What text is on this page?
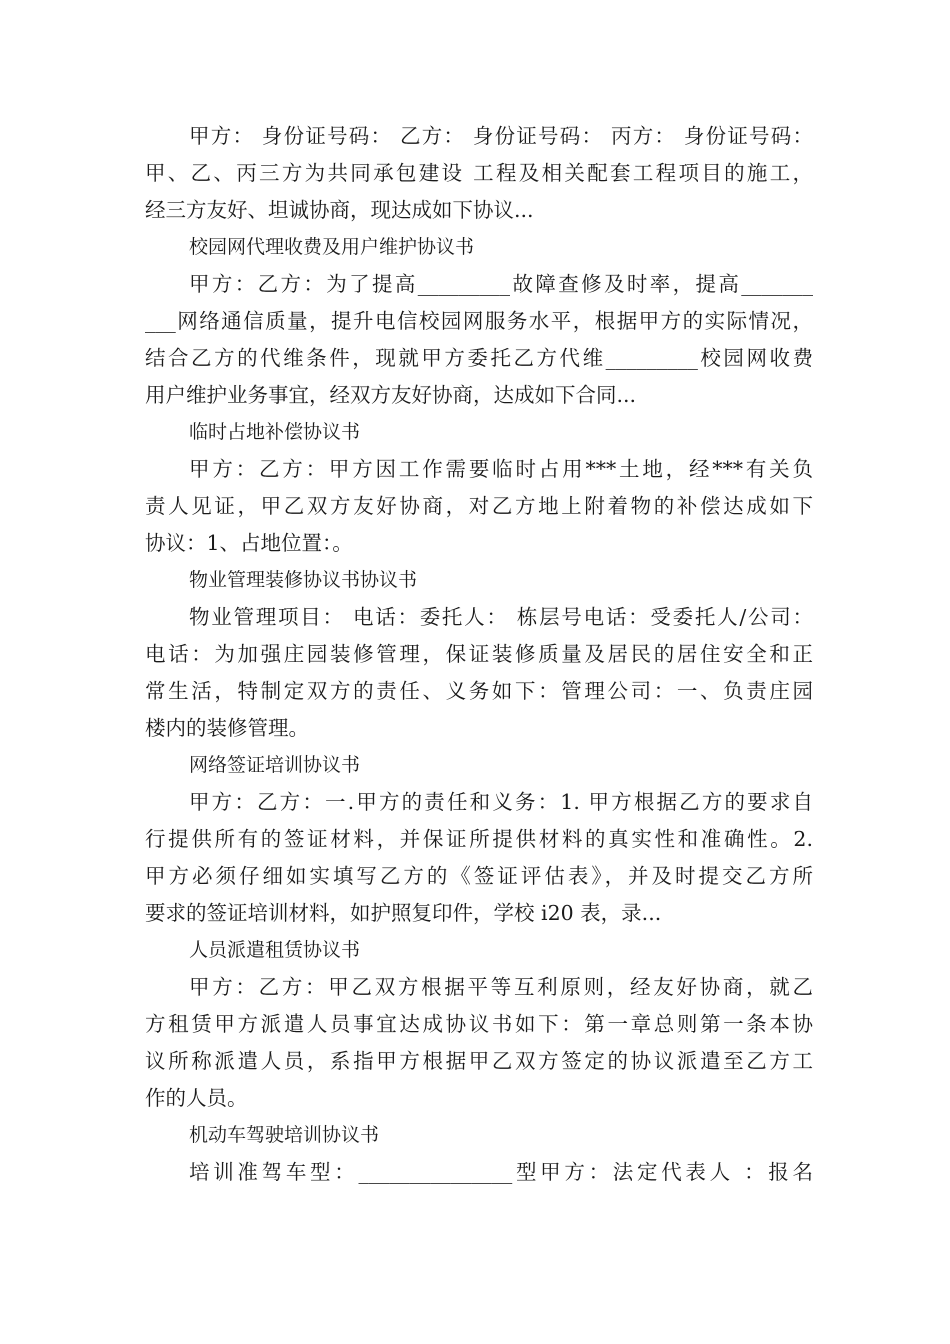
甲方： 身份证号码： 乙方： 身份证号码： 丙方： 身份证号码：

甲、乙、丙三方为共同承包建设 工程及相关配套工程项目的施工，

经三方友好、坦诚协商，现达成如下协议...

校园网代理收费及用户维护协议书

甲方：乙方：为了提高_________故障查修及时率，提高_______

___网络通信质量，提升电信校园网服务水平，根据甲方的实际情况，

结合乙方的代维条件，现就甲方委托乙方代维_________校园网收费

用户维护业务事宜，经双方友好协商，达成如下合同...

临时占地补偿协议书

甲方：乙方：甲方因工作需要临时占用***土地，经***有关负

责人见证，甲乙双方友好协商，对乙方地上附着物的补偿达成如下

协议：1、占地位置：。

物业管理装修协议书协议书

物业管理项目： 电话：委托人： 栋层号电话：受委托人/公司：

电话：为加强庄园装修管理，保证装修质量及居民的居住安全和正

常生活，特制定双方的责任、义务如下：管理公司：一、负责庄园

楼内的装修管理。

网络签证培训协议书

甲方：乙方：一.甲方的责任和义务：1. 甲方根据乙方的要求自

行提供所有的签证材料，并保证所提供材料的真实性和准确性。2.

甲方必须仔细如实填写乙方的《签证评估表》，并及时提交乙方所

要求的签证培训材料，如护照复印件，学校 i20 表，录...

人员派遣租赁协议书

甲方：乙方：甲乙双方根据平等互利原则，经友好协商，就乙

方租赁甲方派遣人员事宜达成协议书如下：第一章总则第一条本协

议所称派遣人员，系指甲方根据甲乙双方签定的协议派遣至乙方工

作的人员。

机动车驾驶培训协议书

培训准驾车型：_______________型甲方：法定代表人 ：报名
